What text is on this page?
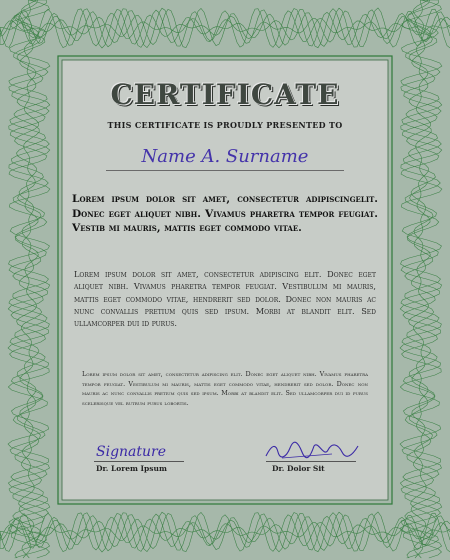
CERTIFICATE

THIS CERTIFICATE IS PROUDLY PRESENTED TO

Name A. Surname

Lorem ipsum dolor sit amet, consectetur adipiscingelit. Donec eget aliquet nibh. Vivamus pharetra tempor feugiat. Vestib mi mauris, mattis eget commodo vitae.

Lorem ipsum dolor sit amet, consectetur adipiscing elit. Donec eget aliquet nibh. Vivamus pharetra tempor feugiat. Vestibulum mi mauris, mattis eget commodo vitae, hendrerit sed dolor. Donec non mauris ac nunc convallis pretium quis sed ipsum. Morbi at blandit elit. Sed ullamcorper dui id purus.

Lorem ipsum dolor sit amet, consectetur adipiscing elit. Donec eget aliquet nibh. Vivamus pharetra tempor feugiat. Vestibulum mi mauris, mattis eget commodo vitae, hendrerit sed dolor. Donec non mauris ac nunc convallis pretium quis sed ipsum. Morbi at blandit elit. Sed ullamcorper dui id purus scelerisque vel rutrum purus lobortis.

Signature
Dr. Lorem Ipsum	Dr. Dolor Sit
